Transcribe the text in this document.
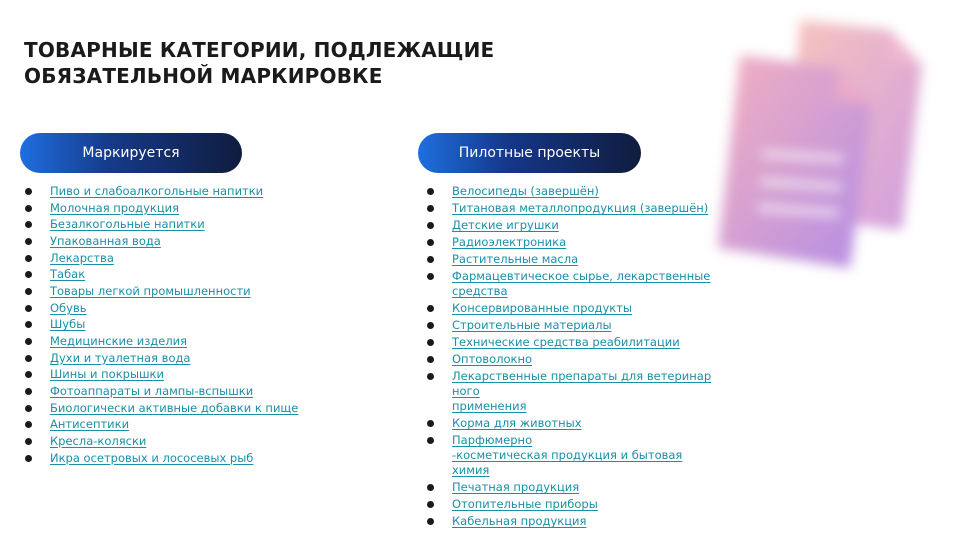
ТОВАРНЫЕ КАТЕГОРИИ, ПОДЛЕЖАЩИЕ
ОБЯЗАТЕЛЬНОЙ МАРКИРОВКЕ
Маркируется	Пилотные проекты
Пиво и слабоалкогольные напитки
Молочная продукция
Безалкогольные напитки
Упакованная вода
Лекарства
Табак
Товары легкой промышленности
Обувь
Шубы
Медицинские изделия
Духи и туалетная вода
Шины и покрышки
Фотоаппараты и лампы-вспышки
Биологически активные добавки к пище
Антисептики
Кресла-коляски
Икра осетровых и лососевых рыб
Велосипеды (завершён)
Титановая металлопродукция (завершён)
Детские игрушки
Радиоэлектроника
Растительные масла
Фармацевтическое сырье, лекарственные
средства
Консервированные продукты
Строительные материалы
Технические средства реабилитации
Оптоволокно
Лекарственные препараты для ветеринар
ного
применения
Корма для животных
Парфюмерно
-косметическая продукция и бытовая
химия
Печатная продукция
Отопительные приборы
Кабельная продукция
